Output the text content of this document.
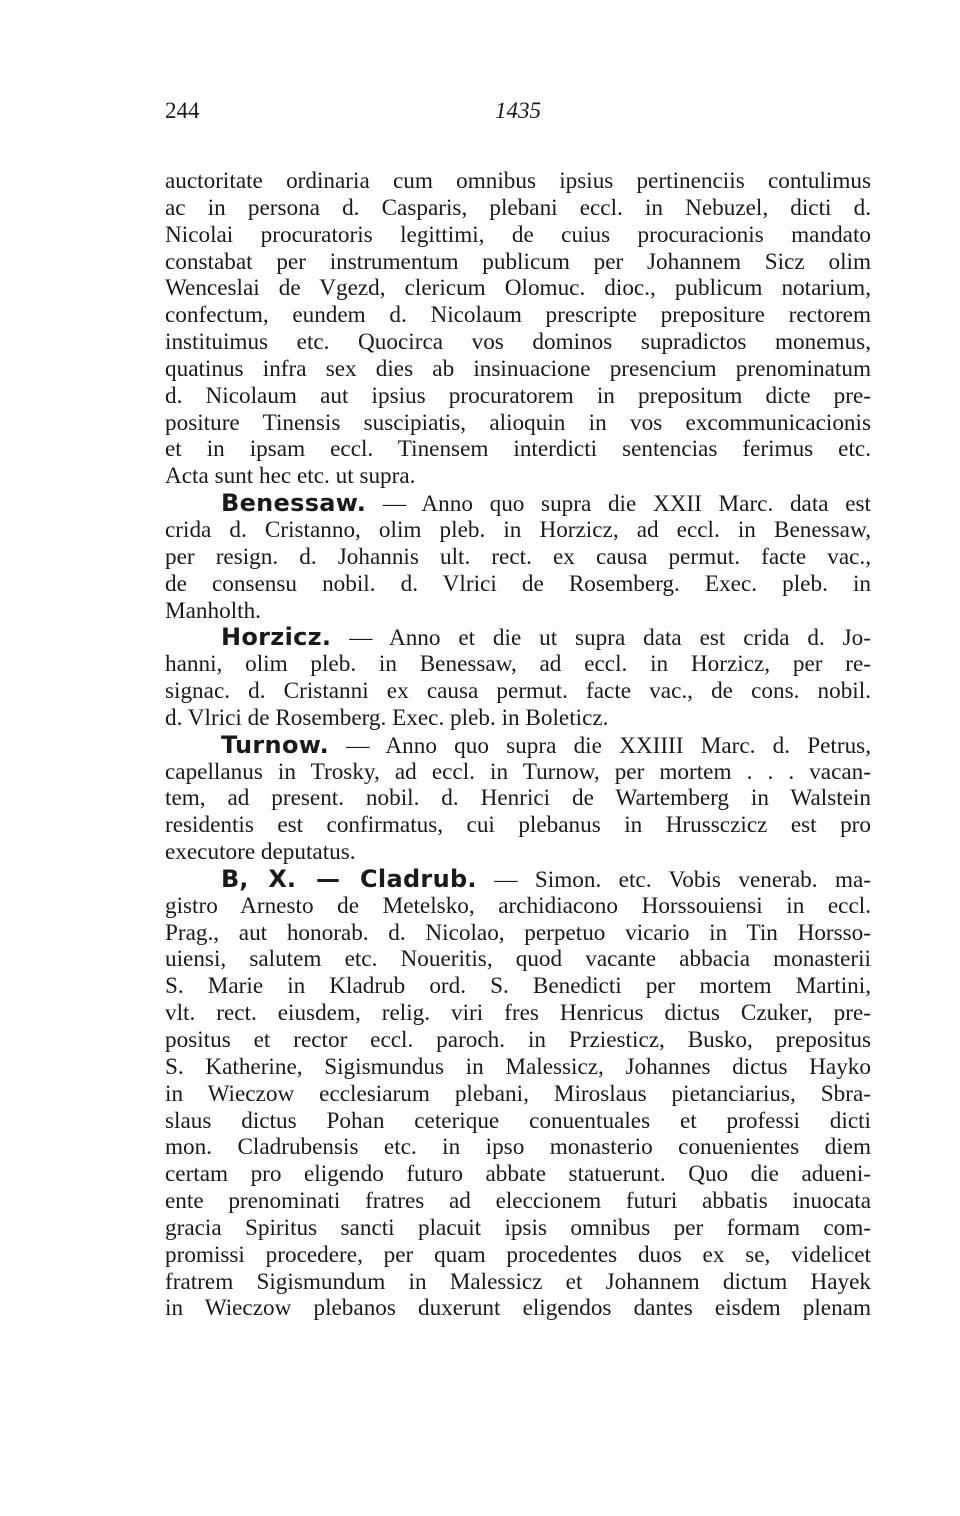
244	1435
auctoritate ordinaria cum omnibus ipsius pertinenciis contulimus
ac in persona d. Casparis, plebani eccl. in Nebuzel, dicti d.
Nicolai procuratoris legittimi, de cuius procuracionis mandato
constabat per instrumentum publicum per Johannem Sicz olim
Wenceslai de Vgezd, clericum Olomuc. dioc., publicum notarium,
confectum, eundem d. Nicolaum prescripte prepositure rectorem
instituimus etc. Quocirca vos dominos supradictos monemus,
quatinus infra sex dies ab insinuacione presencium prenominatum
d. Nicolaum aut ipsius procuratorem in prepositum dicte pre-
positure Tinensis suscipiatis, alioquin in vos excommunicacionis
et in ipsam eccl. Tinensem interdicti sentencias ferimus etc.
Acta sunt hec etc. ut supra.
Benessaw. — Anno quo supra die XXII Marc. data est
crida d. Cristanno, olim pleb. in Horzicz, ad eccl. in Benessaw,
per resign. d. Johannis ult. rect. ex causa permut. facte vac.,
de consensu nobil. d. Vlrici de Rosemberg. Exec. pleb. in
Manholth.
Horzicz. — Anno et die ut supra data est crida d. Jo-
hanni, olim pleb. in Benessaw, ad eccl. in Horzicz, per re-
signac. d. Cristanni ex causa permut. facte vac., de cons. nobil.
d. Vlrici de Rosemberg. Exec. pleb. in Boleticz.
Turnow. — Anno quo supra die XXIIII Marc. d. Petrus,
capellanus in Trosky, ad eccl. in Turnow, per mortem . . . vacan-
tem, ad present. nobil. d. Henrici de Wartemberg in Walstein
residentis est confirmatus, cui plebanus in Hrussczicz est pro
executore deputatus.
B, X. — Cladrub. — Simon. etc. Vobis venerab. ma-
gistro Arnesto de Metelsko, archidiacono Horssouiensi in eccl.
Prag., aut honorab. d. Nicolao, perpetuo vicario in Tin Horsso-
uiensi, salutem etc. Noueritis, quod vacante abbacia monasterii
S. Marie in Kladrub ord. S. Benedicti per mortem Martini,
vlt. rect. eiusdem, relig. viri fres Henricus dictus Czuker, pre-
positus et rector eccl. paroch. in Prziesticz, Busko, prepositus
S. Katherine, Sigismundus in Malessicz, Johannes dictus Hayko
in Wieczow ecclesiarum plebani, Miroslaus pietanciarius, Sbra-
slaus dictus Pohan ceterique conuentuales et professi dicti
mon. Cladrubensis etc. in ipso monasterio conuenientes diem
certam pro eligendo futuro abbate statuerunt. Quo die adueni-
ente prenominati fratres ad eleccionem futuri abbatis inuocata
gracia Spiritus sancti placuit ipsis omnibus per formam com-
promissi procedere, per quam procedentes duos ex se, videlicet
fratrem Sigismundum in Malessicz et Johannem dictum Hayek
in Wieczow plebanos duxerunt eligendos dantes eisdem plenam
